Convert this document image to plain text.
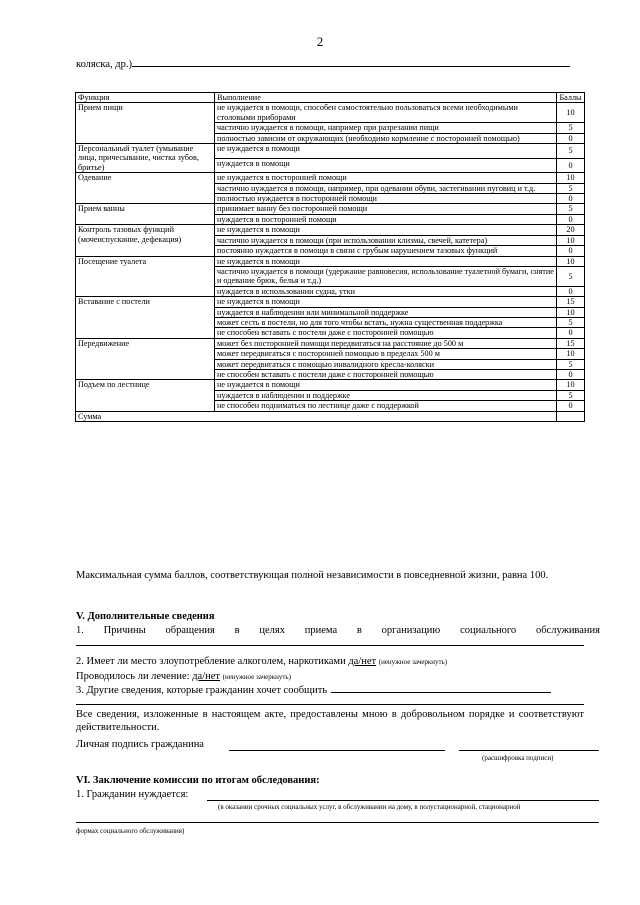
2
коляска, др.)
Функция	Выполнение	Баллы
Прием пищи	не нуждается в помощи, способен самостоятельно пользоваться всеми необходимыми столовыми приборами	10
	частично нуждается в помощи, например при разрезании пищи	5
	полностью зависим от окружающих (необходимо кормление с посторонней помощью)	0
Персональный туалет (умывание лица, причесывание, чистка зубов, бритье)	не нуждается в помощи	5
	нуждается в помощи	0
Одевание	не нуждается в посторонней помощи	10
	частично нуждается в помощи, например, при одевании обуви, застегивании пуговиц и т.д.	5
	полностью нуждается в посторонней помощи	0
Прием ванны	принимает ванну без посторонней помощи	5
	нуждается в посторонней помощи	0
Контроль тазовых функций (мочеиспускание, дефекация)	не нуждается в помощи	20
	частично нуждается в помощи (при использовании клизмы, свечей, катетера)	10
	постоянно нуждается в помощи в связи с грубым нарушением тазовых функций	0
Посещение туалета	не нуждается в помощи	10
	частично нуждается в помощи (удержание равновесия, использование туалетной бумаги, снятие и одевание брюк, белья и т.д.)	5
	нуждается в использовании судна, утки	0
Вставание с постели	не нуждается в помощи	15
	нуждается в наблюдении или минимальной поддержке	10
	может сесть в постели, но для того чтобы встать, нужна существенная поддержка	5
	не способен вставать с постели даже с посторонней помощью	0
Передвижение	может без посторонней помощи передвигаться на расстояние до 500 м	15
	может передвигаться с посторонней помощью в пределах 500 м	10
	может передвигаться с помощью инвалидного кресла-коляски	5
	не способен вставать с постели даже с посторонней помощью	0
Подъем по лестнице	не нуждается в помощи	10
	нуждается в наблюдении и поддержке	5
	не способен подниматься по лестнице даже с поддержкой	0
Сумма		
Максимальная сумма баллов, соответствующая полной независимости в повседневной жизни, равна 100.
V. Дополнительные сведения
1. Причины обращения в целях приема в организацию социального обслуживания
2. Имеет ли место злоупотребление алкоголем, наркотиками да/нет (ненужное зачеркнуть)
Проводилось ли лечение: да/нет (ненужное зачеркнуть)
3. Другие сведения, которые гражданин хочет сообщить
Все сведения, изложенные в настоящем акте, предоставлены мною в добровольном порядке и соответствуют действительности.
Личная подпись гражданина
(расшифровка подписи)
VI. Заключение комиссии по итогам обследования:
1. Гражданин нуждается:
(в оказании срочных социальных услуг, в обслуживании на дому, в полустационарной, стационарной
формах социального обслуживания)
